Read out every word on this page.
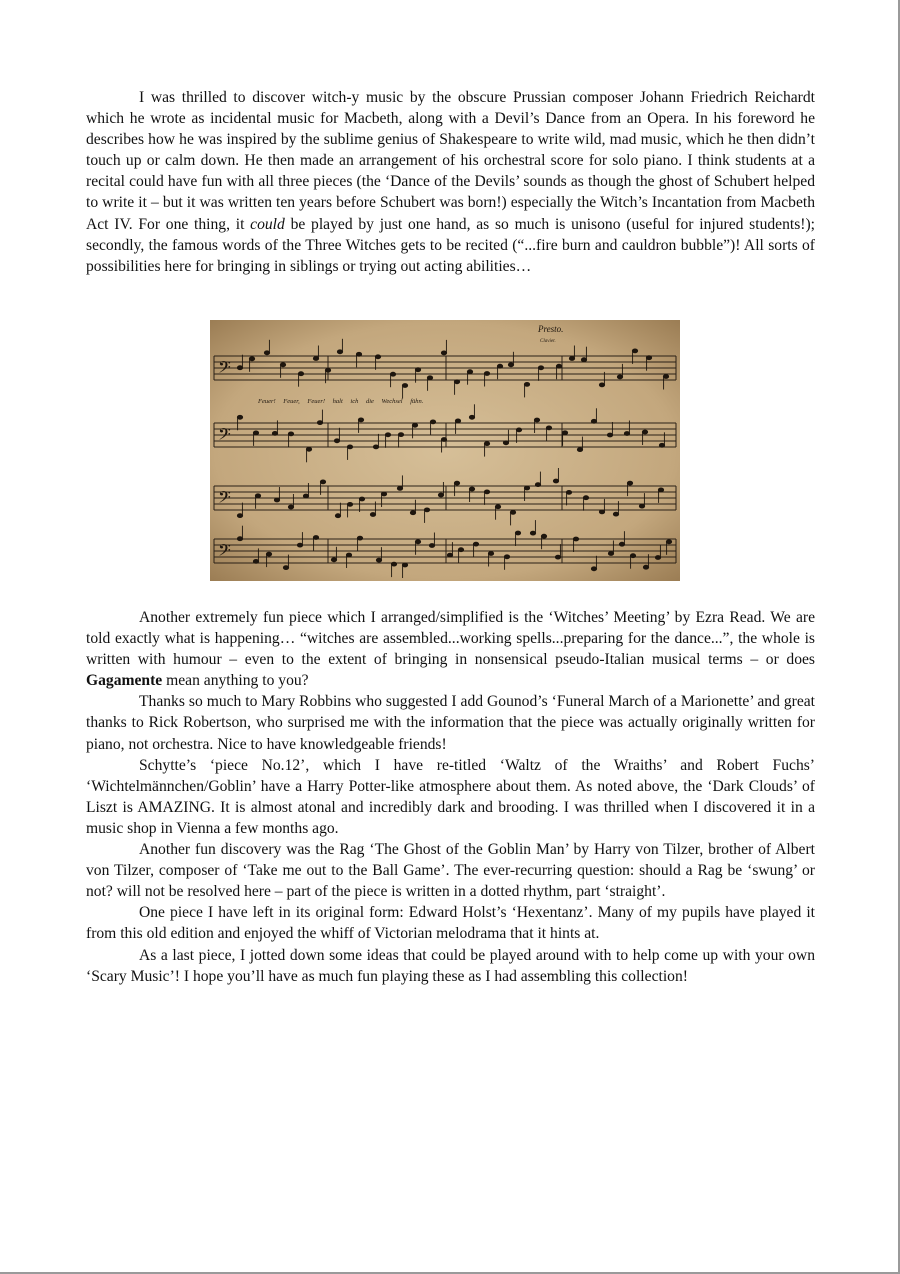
I was thrilled to discover witch-y music by the obscure Prussian composer Johann Friedrich Reichardt which he wrote as incidental music for Macbeth, along with a Devil’s Dance from an Opera. In his foreword he describes how he was inspired by the sublime genius of Shakespeare to write wild, mad music, which he then didn’t touch up or calm down. He then made an arrangement of his orchestral score for solo piano. I think students at a recital could have fun with all three pieces (the ‘Dance of the Devils’ sounds as though the ghost of Schubert helped to write it – but it was written ten years before Schubert was born!) especially the Witch’s Incantation from Macbeth Act IV. For one thing, it could be played by just one hand, as so much is unisono (useful for injured students!); secondly, the famous words of the Three Witches gets to be recited (“...fire burn and cauldron bubble”)! All sorts of possibilities here for bringing in siblings or trying out acting abilities…

𝄢
𝄢
𝄢
𝄢
Presto.
Clavier.
Feuer! Feuer, Feuer! halt ich die Wechsel fühn.

Another extremely fun piece which I arranged/simplified is the ‘Witches’ Meeting’ by Ezra Read. We are told exactly what is happening… “witches are assembled...working spells...preparing for the dance...”, the whole is written with humour – even to the extent of bringing in nonsensical pseudo-Italian musical terms – or does Gagamente mean anything to you?

Thanks so much to Mary Robbins who suggested I add Gounod’s ‘Funeral March of a Marionette’ and great thanks to Rick Robertson, who surprised me with the information that the piece was actually originally written for piano, not orchestra. Nice to have knowledgeable friends!

Schytte’s ‘piece No.12’, which I have re-titled ‘Waltz of the Wraiths’ and Robert Fuchs’ ‘Wichtelmännchen/Goblin’ have a Harry Potter-like atmosphere about them. As noted above, the ‘Dark Clouds’ of Liszt is AMAZING. It is almost atonal and incredibly dark and brooding. I was thrilled when I discovered it in a music shop in Vienna a few months ago.

Another fun discovery was the Rag ‘The Ghost of the Goblin Man’ by Harry von Tilzer, brother of Albert von Tilzer, composer of ‘Take me out to the Ball Game’. The ever-recurring question: should a Rag be ‘swung’ or not? will not be resolved here – part of the piece is written in a dotted rhythm, part ‘straight’.

One piece I have left in its original form: Edward Holst’s ‘Hexentanz’. Many of my pupils have played it from this old edition and enjoyed the whiff of Victorian melodrama that it hints at.

As a last piece, I jotted down some ideas that could be played around with to help come up with your own ‘Scary Music’! I hope you’ll have as much fun playing these as I had assembling this collection!
